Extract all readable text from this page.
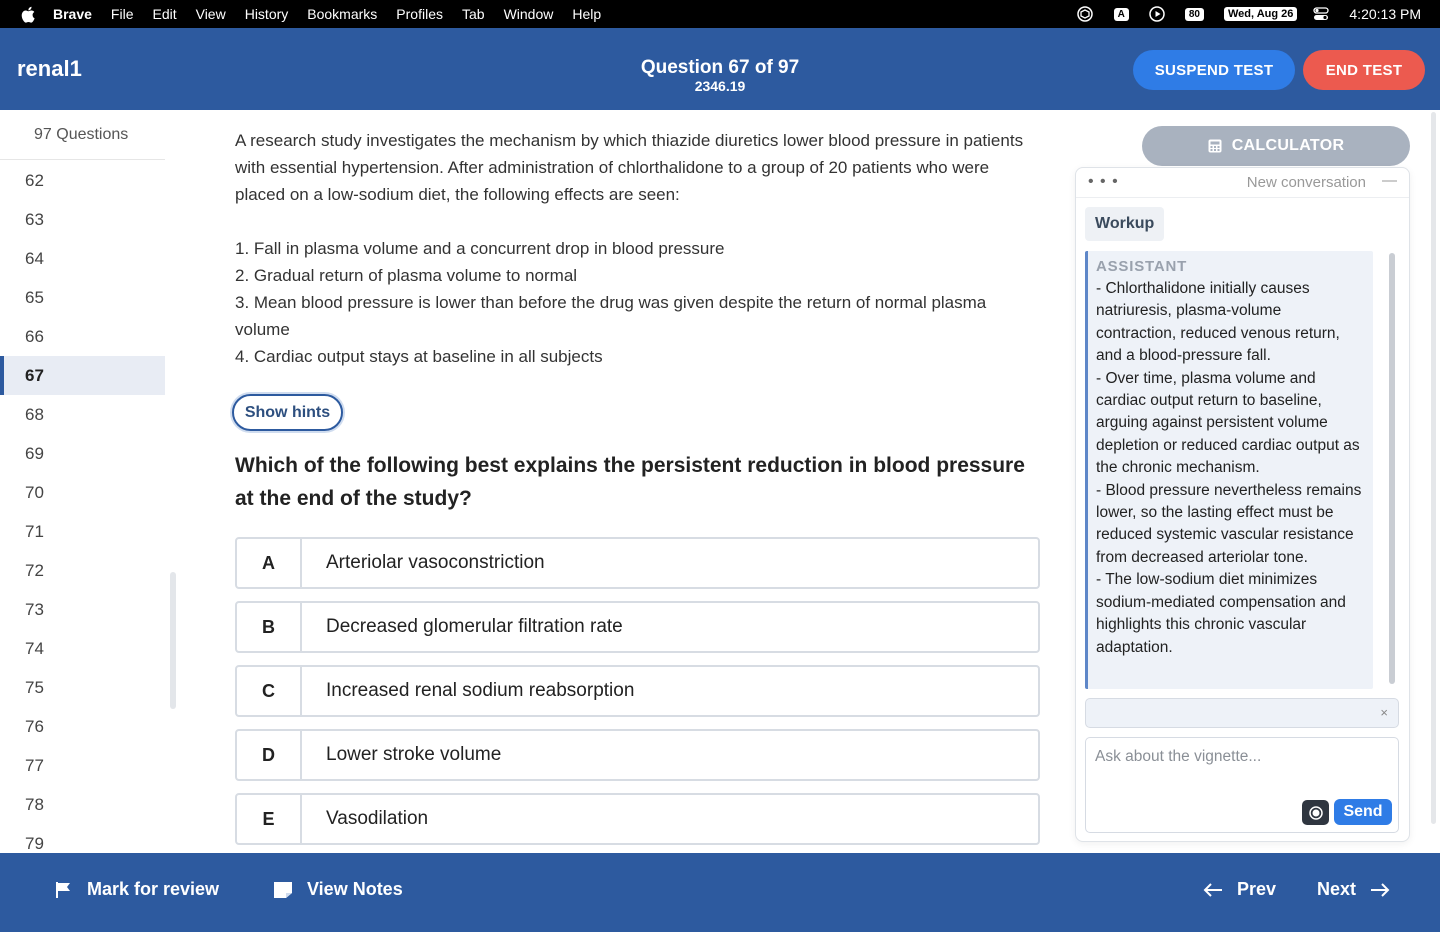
Brave File Edit View History Bookmarks Profiles Tab Window Help	A	80	Wed, Aug 26	4:20:13 PM
renal1	Question 67 of 97
2346.19
SUSPEND TEST	END TEST
97 Questions
62
63
64
65
66
67
68
69
70
71
72
73
74
75
76
77
78
79

A research study investigates the mechanism by which thiazide diuretics lower blood pressure in patients with essential hypertension. After administration of chlorthalidone to a group of 20 patients who were placed on a low-sodium diet, the following effects are seen:

1. Fall in plasma volume and a concurrent drop in blood pressure
2. Gradual return of plasma volume to normal
3. Mean blood pressure is lower than before the drug was given despite the return of normal plasma volume
4. Cardiac output stays at baseline in all subjects
Show hints
Which of the following best explains the persistent reduction in blood pressure at the end of the study?
A	Arteriolar vasoconstriction
B	Decreased glomerular filtration rate
C	Increased renal sodium reabsorption
D	Lower stroke volume
E	Vasodilation
CALCULATOR
• • •	New conversation —
Workup
ASSISTANT
- Chlorthalidone initially causes natriuresis, plasma-volume contraction, reduced venous return, and a blood-pressure fall.
- Over time, plasma volume and cardiac output return to baseline, arguing against persistent volume depletion or reduced cardiac output as the chronic mechanism.
- Blood pressure nevertheless remains lower, so the lasting effect must be reduced systemic vascular resistance from decreased arteriolar tone.
- The low-sodium diet minimizes sodium-mediated compensation and highlights this chronic vascular adaptation.
×
Ask about the vignette...
Send
Mark for review	View Notes	Prev Next
